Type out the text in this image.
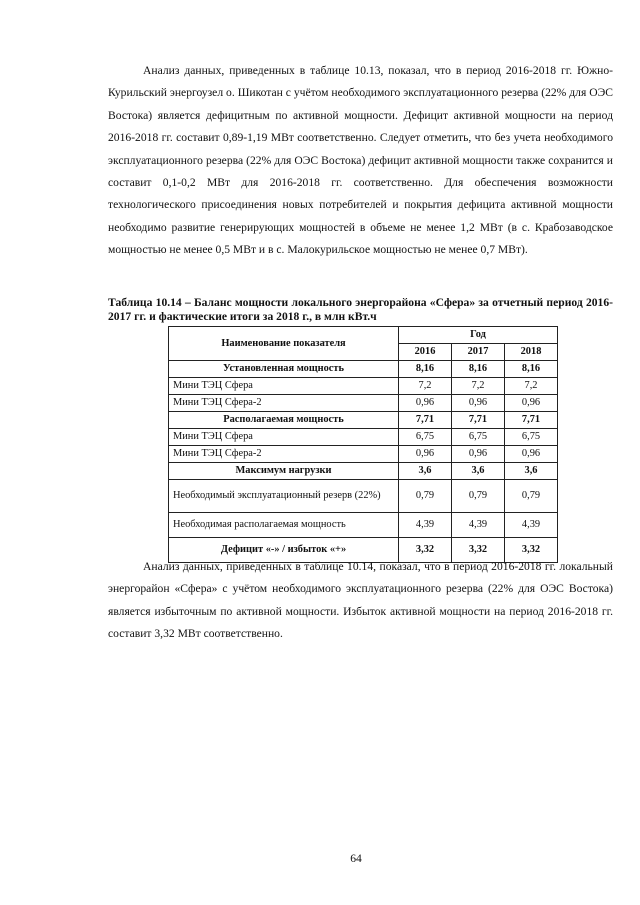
Анализ данных, приведенных в таблице 10.13, показал, что в период 2016-2018 гг. Южно-Курильский энергоузел о. Шикотан с учётом необходимого эксплуатационного резерва (22% для ОЭС Востока) является дефицитным по активной мощности. Дефицит активной мощности на период 2016-2018 гг. составит 0,89-1,19 МВт соответственно. Следует отметить, что без учета необходимого эксплуатационного резерва (22% для ОЭС Востока) дефицит активной мощности также сохранится и составит 0,1-0,2 МВт для 2016-2018 гг. соответственно. Для обеспечения возможности технологического присоединения новых потребителей и покрытия дефицита активной мощности необходимо развитие генерирующих мощностей в объеме не менее 1,2 МВт (в с. Крабозаводское мощностью не менее 0,5 МВт и в с. Малокурильское мощностью не менее 0,7 МВт).

Таблица 10.14 – Баланс мощности локального энергорайона «Сфера» за отчетный период 2016-2017 гг. и фактические итоги за 2018 г., в млн кВт.ч

Наименование показателя	Год		
	2016	2017	2018
Установленная мощность	8,16	8,16	8,16
Мини ТЭЦ Сфера	7,2	7,2	7,2
Мини ТЭЦ Сфера-2	0,96	0,96	0,96
Располагаемая мощность	7,71	7,71	7,71
Мини ТЭЦ Сфера	6,75	6,75	6,75
Мини ТЭЦ Сфера-2	0,96	0,96	0,96
Максимум нагрузки	3,6	3,6	3,6
Необходимый эксплуатационный резерв (22%)	0,79	0,79	0,79
Необходимая располагаемая мощность	4,39	4,39	4,39
Дефицит «-» / избыток «+»	3,32	3,32	3,32

Анализ данных, приведенных в таблице 10.14, показал, что в период 2016-2018 гг. локальный энергорайон «Сфера» с учётом необходимого эксплуатационного резерва (22% для ОЭС Востока) является избыточным по активной мощности. Избыток активной мощности на период 2016-2018 гг. составит 3,32 МВт соответственно.

64
